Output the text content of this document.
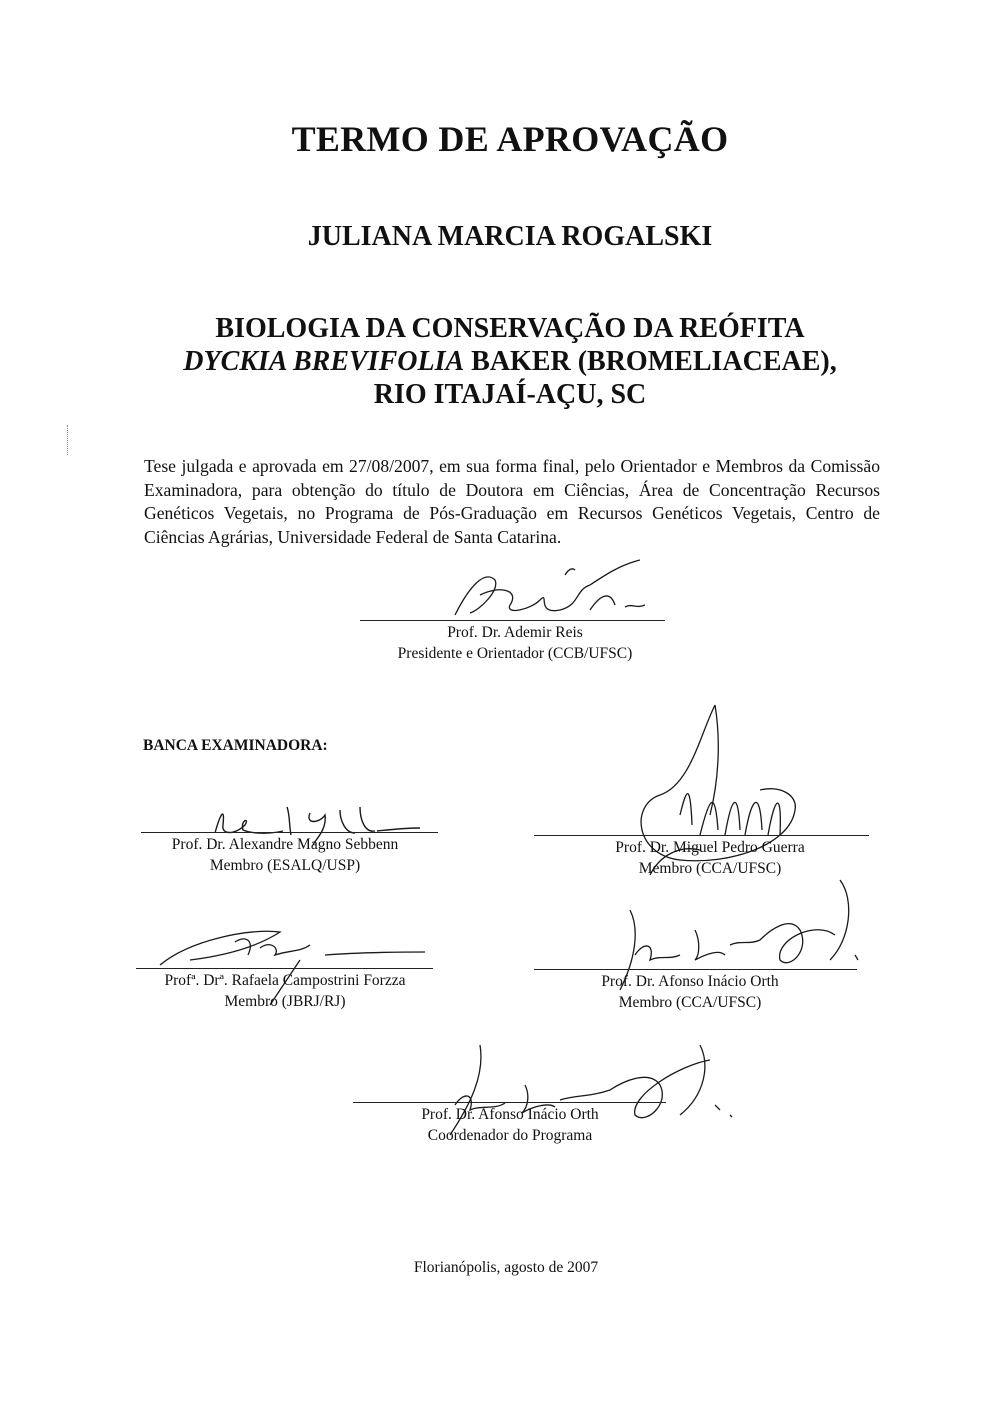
TERMO DE APROVAÇÃO
JULIANA MARCIA ROGALSKI
BIOLOGIA DA CONSERVAÇÃO DA REÓFITA
DYCKIA BREVIFOLIA BAKER (BROMELIACEAE),
RIO ITAJAÍ-AÇU, SC
Tese julgada e aprovada em 27/08/2007, em sua forma final, pelo Orientador e Membros da Comissão Examinadora, para obtenção do título de Doutora em Ciências, Área de Concentração Recursos Genéticos Vegetais, no Programa de Pós-Graduação em Recursos Genéticos Vegetais, Centro de Ciências Agrárias, Universidade Federal de Santa Catarina.
Prof. Dr. Ademir Reis
Presidente e Orientador (CCB/UFSC)
BANCA EXAMINADORA:
Prof. Dr. Alexandre Magno Sebbenn
Membro (ESALQ/USP)
Prof. Dr. Miguel Pedro Guerra
Membro (CCA/UFSC)
Profª. Drª. Rafaela Campostrini Forzza
Membro (JBRJ/RJ)
Prof. Dr. Afonso Inácio Orth
Membro (CCA/UFSC)
Prof. Dr. Afonso Inácio Orth
Coordenador do Programa
Florianópolis, agosto de 2007
